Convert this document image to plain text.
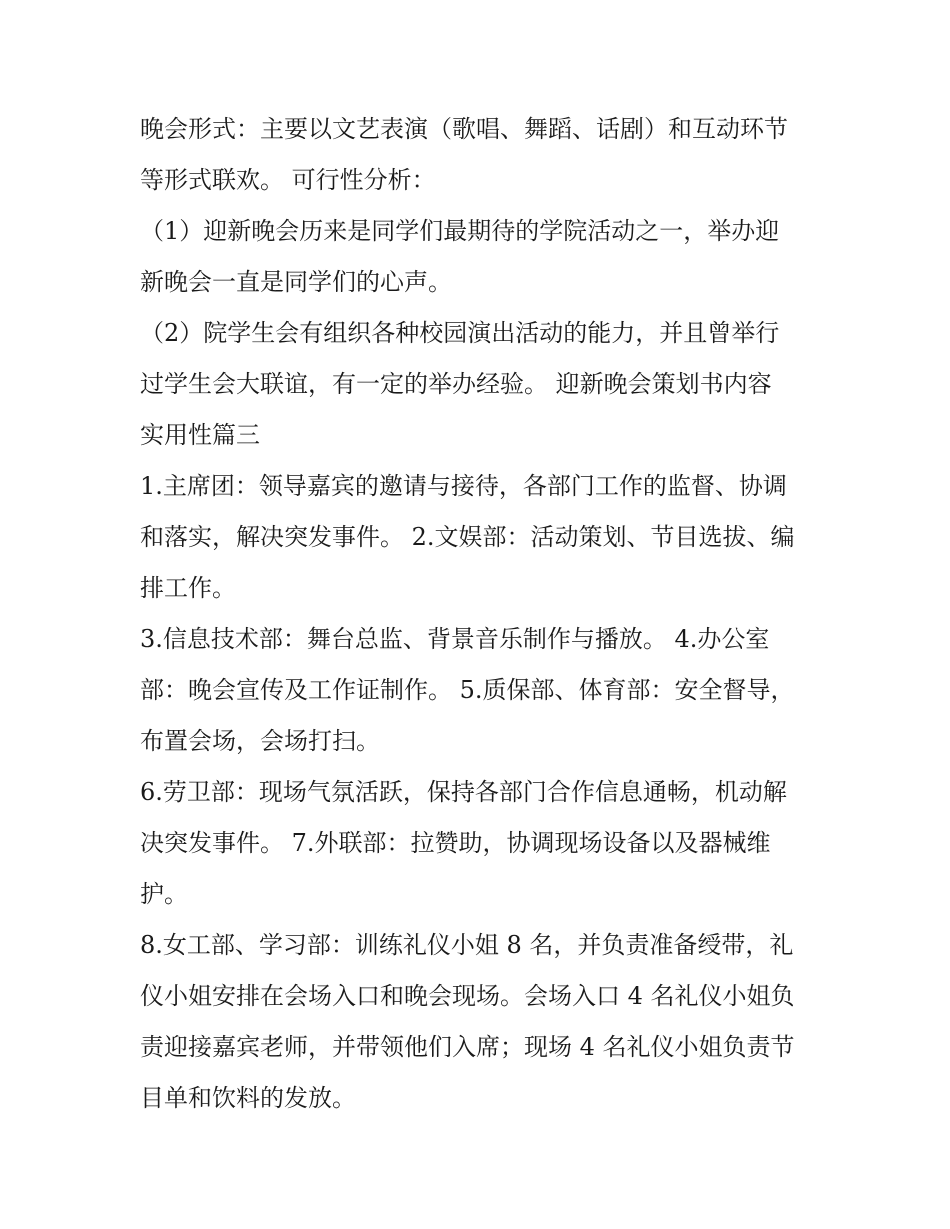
晚会形式：主要以文艺表演（歌唱、舞蹈、话剧）和互动环节
等形式联欢。 可行性分析：

（1）迎新晚会历来是同学们最期待的学院活动之一，举办迎
新晚会一直是同学们的心声。

（2）院学生会有组织各种校园演出活动的能力，并且曾举行
过学生会大联谊，有一定的举办经验。 迎新晚会策划书内容
实用性篇三

1.主席团：领导嘉宾的邀请与接待，各部门工作的监督、协调
和落实，解决突发事件。 2.文娱部：活动策划、节目选拔、编
排工作。

3.信息技术部：舞台总监、背景音乐制作与播放。 4.办公室
部：晚会宣传及工作证制作。 5.质保部、体育部：安全督导，
布置会场，会场打扫。

6.劳卫部：现场气氛活跃，保持各部门合作信息通畅，机动解
决突发事件。 7.外联部：拉赞助，协调现场设备以及器械维
护。

8.女工部、学习部：训练礼仪小姐 8 名，并负责准备绶带，礼
仪小姐安排在会场入口和晚会现场。会场入口 4 名礼仪小姐负
责迎接嘉宾老师，并带领他们入席；现场 4 名礼仪小姐负责节
目单和饮料的发放。
